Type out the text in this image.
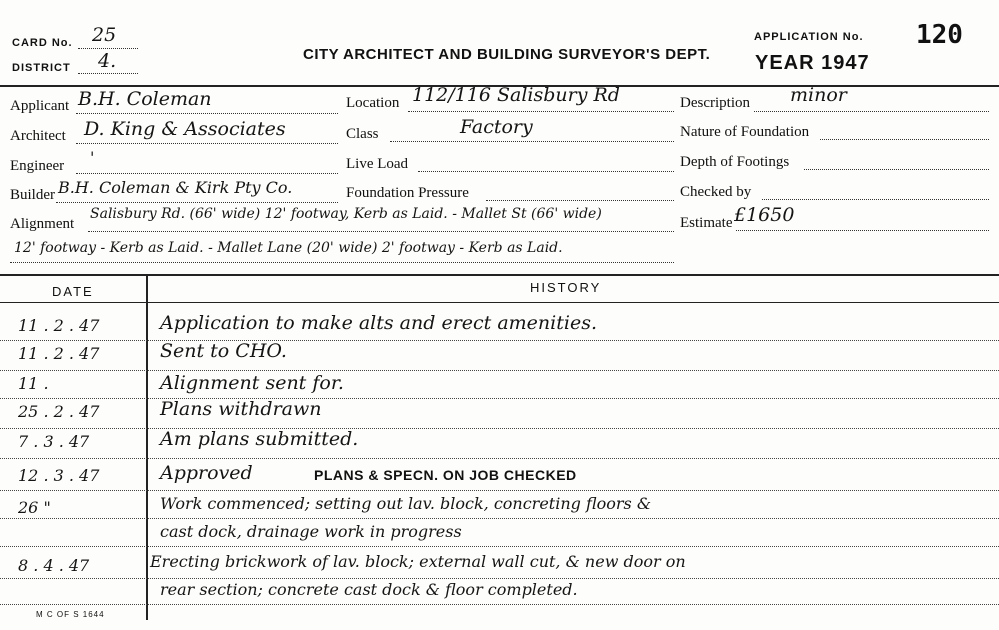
CARD No. 25
DISTRICT 4.	CITY ARCHITECT AND BUILDING SURVEYOR'S DEPT.
APPLICATION No. 120
YEAR 1947
Applicant B.H. Coleman
Architect D. King & Associates
Engineer '
Builder B.H. Coleman & Kirk Pty Co.
Location 112/116 Salisbury Rd
Class	Factory
Live Load
Foundation Pressure
Description minor
Nature of Foundation
Depth of Footings
Checked by
Estimate £1650
Alignment
Salisbury Rd. (66' wide) 12' footway, Kerb as Laid. - Mallet St (66' wide)
12' footway - Kerb as Laid. - Mallet Lane (20' wide) 2' footway - Kerb as Laid.
DATE	HISTORY
11 . 2 . 47	Application to make alts and erect amenities.
11 . 2 . 47	Sent to CHO.
11 .	Alignment sent for.
25 . 2 . 47	Plans withdrawn
7 . 3 . 47	Am plans submitted.
12 . 3 . 47	Approved	PLANS & SPECN. ON JOB CHECKED
26 "	Work commenced; setting out lav. block, concreting floors &
cast dock, drainage work in progress
8 . 4 . 47	Erecting brickwork of lav. block; external wall cut, & new door on
rear section; concrete cast dock & floor completed.
M C OF S 1644
